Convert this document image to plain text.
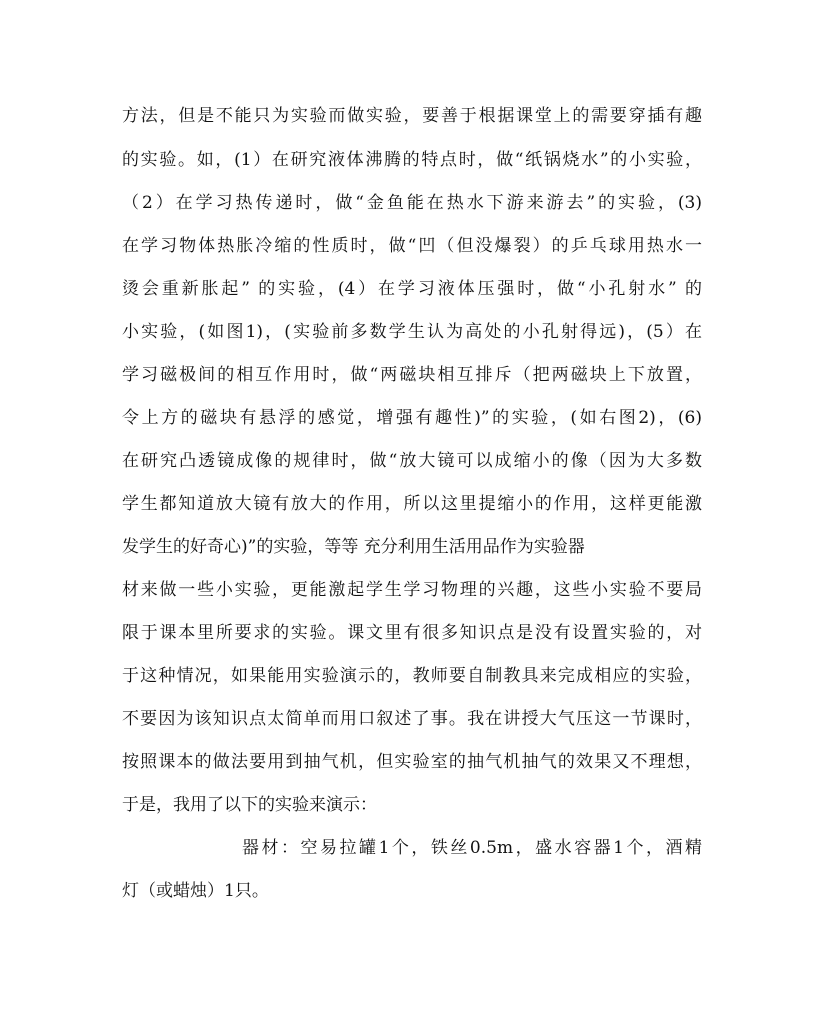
方法，但是不能只为实验而做实验，要善于根据课堂上的需要穿插有趣
的实验。如，(1）在研究液体沸腾的特点时，做“纸锅烧水”的小实验，
（2）在学习热传递时，做“金鱼能在热水下游来游去”的实验，(3)
在学习物体热胀冷缩的性质时，做“凹（但没爆裂）的乒乓球用热水一
烫会重新胀起” 的实验，(4）在学习液体压强时，做“小孔射水” 的
小实验，(如图1)，(实验前多数学生认为高处的小孔射得远)，(5）在
学习磁极间的相互作用时，做“两磁块相互排斥（把两磁块上下放置，
令上方的磁块有悬浮的感觉，增强有趣性)”的实验，(如右图2)，(6)
在研究凸透镜成像的规律时，做“放大镜可以成缩小的像（因为大多数
学生都知道放大镜有放大的作用，所以这里提缩小的作用，这样更能激
发学生的好奇心)”的实验，等等 充分利用生活用品作为实验器
材来做一些小实验，更能激起学生学习物理的兴趣，这些小实验不要局
限于课本里所要求的实验。课文里有很多知识点是没有设置实验的，对
于这种情况，如果能用实验演示的，教师要自制教具来完成相应的实验，
不要因为该知识点太简单而用口叙述了事。我在讲授大气压这一节课时，
按照课本的做法要用到抽气机，但实验室的抽气机抽气的效果又不理想，
于是，我用了以下的实验来演示：
器材：空易拉罐1个，铁丝0.5m，盛水容器1个，酒精
灯（或蜡烛）1只。
